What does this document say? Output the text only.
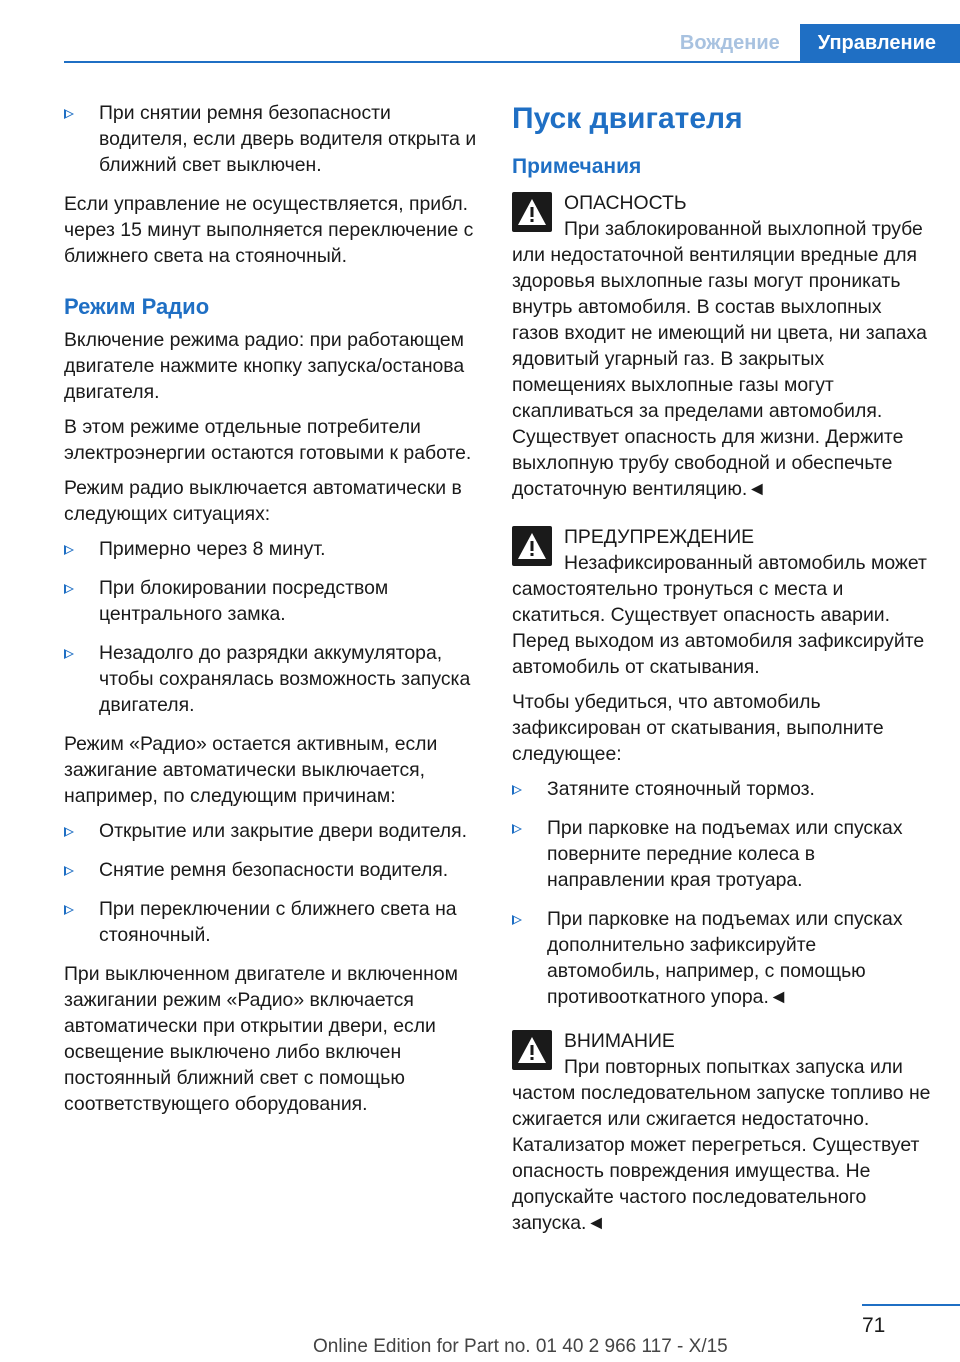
Вождение Управление
При снятии ремня безопасности водителя, если дверь водителя открыта и ближний свет выключен.

Если управление не осуществляется, прибл. через 15 минут выполняется переключение с ближнего света на стояночный.

Режим Радио

Включение режима радио: при работающем двигателе нажмите кнопку запуска/останова двигателя.

В этом режиме отдельные потребители электроэнергии остаются готовыми к работе.

Режим радио выключается автоматически в следующих ситуациях:

Примерно через 8 минут.
При блокировании посредством центрального замка.
Незадолго до разрядки аккумулятора, чтобы сохранялась возможность запуска двигателя.

Режим «Радио» остается активным, если зажигание автоматически выключается, например, по следующим причинам:

Открытие или закрытие двери водителя.
Снятие ремня безопасности водителя.
При переключении с ближнего света на стояночный.

При выключенном двигателе и включенном зажигании режим «Радио» включается автоматически при открытии двери, если освещение выключено либо включен постоянный ближний свет с помощью соответствующего оборудования.

Пуск двигателя
Примечания
ОПАСНОСТЬ
При заблокированной выхлопной трубе или недостаточной вентиляции вредные для здоровья выхлопные газы могут проникать внутрь автомобиля. В состав выхлопных газов входит не имеющий ни цвета, ни запаха ядовитый угарный газ. В закрытых помещениях выхлопные газы могут скапливаться за пределами автомобиля. Существует опасность для жизни. Держите выхлопную трубу свободной и обеспечьте достаточную вентиляцию.◄
ПРЕДУПРЕЖДЕНИЕ
Незафиксированный автомобиль может самостоятельно тронуться с места и скатиться. Существует опасность аварии. Перед выходом из автомобиля зафиксируйте автомобиль от скатывания.

Чтобы убедиться, что автомобиль зафиксирован от скатывания, выполните следующее:

Затяните стояночный тормоз.
При парковке на подъемах или спусках поверните передние колеса в направлении края тротуара.
При парковке на подъемах или спусках дополнительно зафиксируйте автомобиль, например, с помощью противооткатного упора.◄
ВНИМАНИЕ
При повторных попытках запуска или частом последовательном запуске топливо не сжигается или сжигается недостаточно. Катализатор может перегреться. Существует опасность повреждения имущества. Не допускайте частого последовательного запуска.◄
71
Online Edition for Part no. 01 40 2 966 117 - X/15
